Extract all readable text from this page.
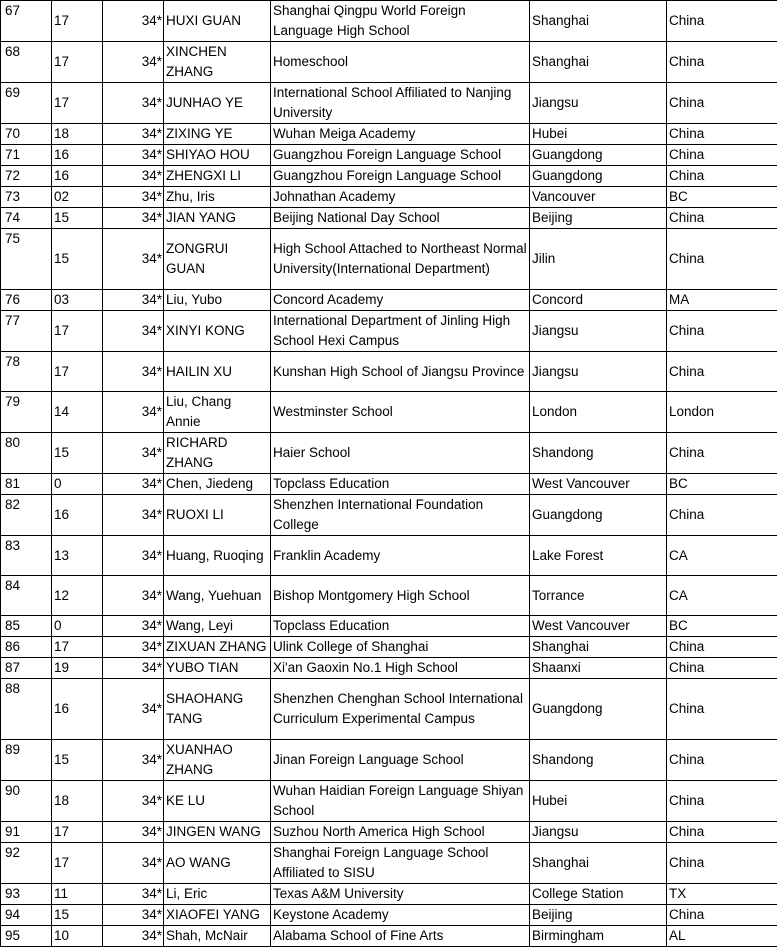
67	17	34*	HUXI GUAN	Shanghai Qingpu World Foreign Language High School	Shanghai	China
68	17	34*	XINCHEN ZHANG	Homeschool	Shanghai	China
69	17	34*	JUNHAO YE	International School Affiliated to Nanjing University	Jiangsu	China
70	18	34*	ZIXING YE	Wuhan Meiga Academy	Hubei	China
71	16	34*	SHIYAO HOU	Guangzhou Foreign Language School	Guangdong	China
72	16	34*	ZHENGXI LI	Guangzhou Foreign Language School	Guangdong	China
73	02	34*	Zhu, Iris	Johnathan Academy	Vancouver	BC
74	15	34*	JIAN YANG	Beijing National Day School	Beijing	China
75	15	34*	ZONGRUI GUAN	High School Attached to Northeast Normal University(International Department)	Jilin	China
76	03	34*	Liu, Yubo	Concord Academy	Concord	MA
77	17	34*	XINYI KONG	International Department of Jinling High School Hexi Campus	Jiangsu	China
78	17	34*	HAILIN XU	Kunshan High School of Jiangsu Province	Jiangsu	China
79	14	34*	Liu, Chang Annie	Westminster School	London	London
80	15	34*	RICHARD ZHANG	Haier School	Shandong	China
81	0	34*	Chen, Jiedeng	Topclass Education	West Vancouver	BC
82	16	34*	RUOXI LI	Shenzhen International Foundation College	Guangdong	China
83	13	34*	Huang, Ruoqing	Franklin Academy	Lake Forest	CA
84	12	34*	Wang, Yuehuan	Bishop Montgomery High School	Torrance	CA
85	0	34*	Wang, Leyi	Topclass Education	West Vancouver	BC
86	17	34*	ZIXUAN ZHANG	Ulink College of Shanghai	Shanghai	China
87	19	34*	YUBO TIAN	Xi'an Gaoxin No.1 High School	Shaanxi	China
88	16	34*	SHAOHANG TANG	Shenzhen Chenghan School International Curriculum Experimental Campus	Guangdong	China
89	15	34*	XUANHAO ZHANG	Jinan Foreign Language School	Shandong	China
90	18	34*	KE LU	Wuhan Haidian Foreign Language Shiyan School	Hubei	China
91	17	34*	JINGEN WANG	Suzhou North America High School	Jiangsu	China
92	17	34*	AO WANG	Shanghai Foreign Language School Affiliated to SISU	Shanghai	China
93	11	34*	Li, Eric	Texas A&M University	College Station	TX
94	15	34*	XIAOFEI YANG	Keystone Academy	Beijing	China
95	10	34*	Shah, McNair	Alabama School of Fine Arts	Birmingham	AL
